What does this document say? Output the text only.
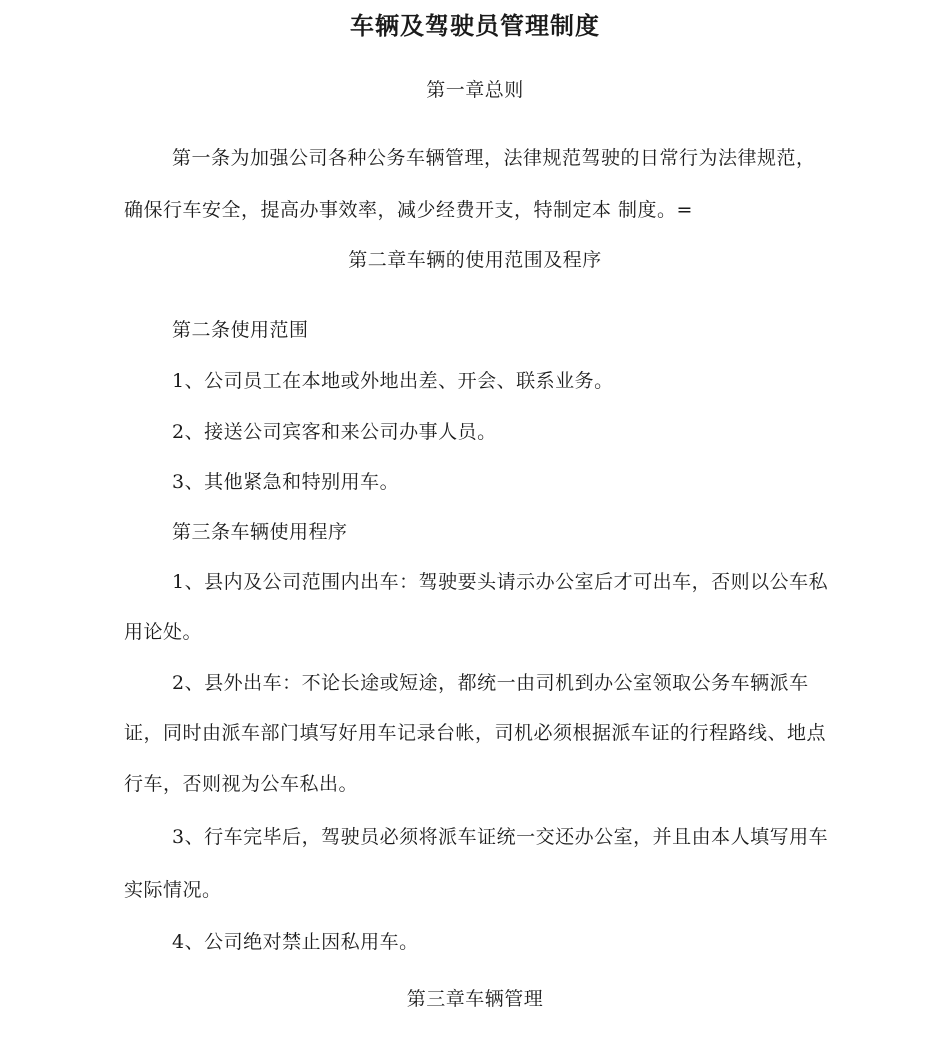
车辆及驾驶员管理制度

第一章总则

第一条为加强公司各种公务车辆管理，法律规范驾驶的日常行为法律规范，

确保行车安全，提高办事效率，减少经费开支，特制定本 制度。=

第二章车辆的使用范围及程序

第二条使用范围

1、公司员工在本地或外地出差、开会、联系业务。

2、接送公司宾客和来公司办事人员。

3、其他紧急和特别用车。

第三条车辆使用程序

1、县内及公司范围内出车：驾驶要头请示办公室后才可出车，否则以公车私

用论处。

2、县外出车：不论长途或短途，都统一由司机到办公室领取公务车辆派车

证，同时由派车部门填写好用车记录台帐，司机必须根据派车证的行程路线、地点

行车，否则视为公车私出。

3、行车完毕后，驾驶员必须将派车证统一交还办公室，并且由本人填写用车

实际情况。

4、公司绝对禁止因私用车。

第三章车辆管理
